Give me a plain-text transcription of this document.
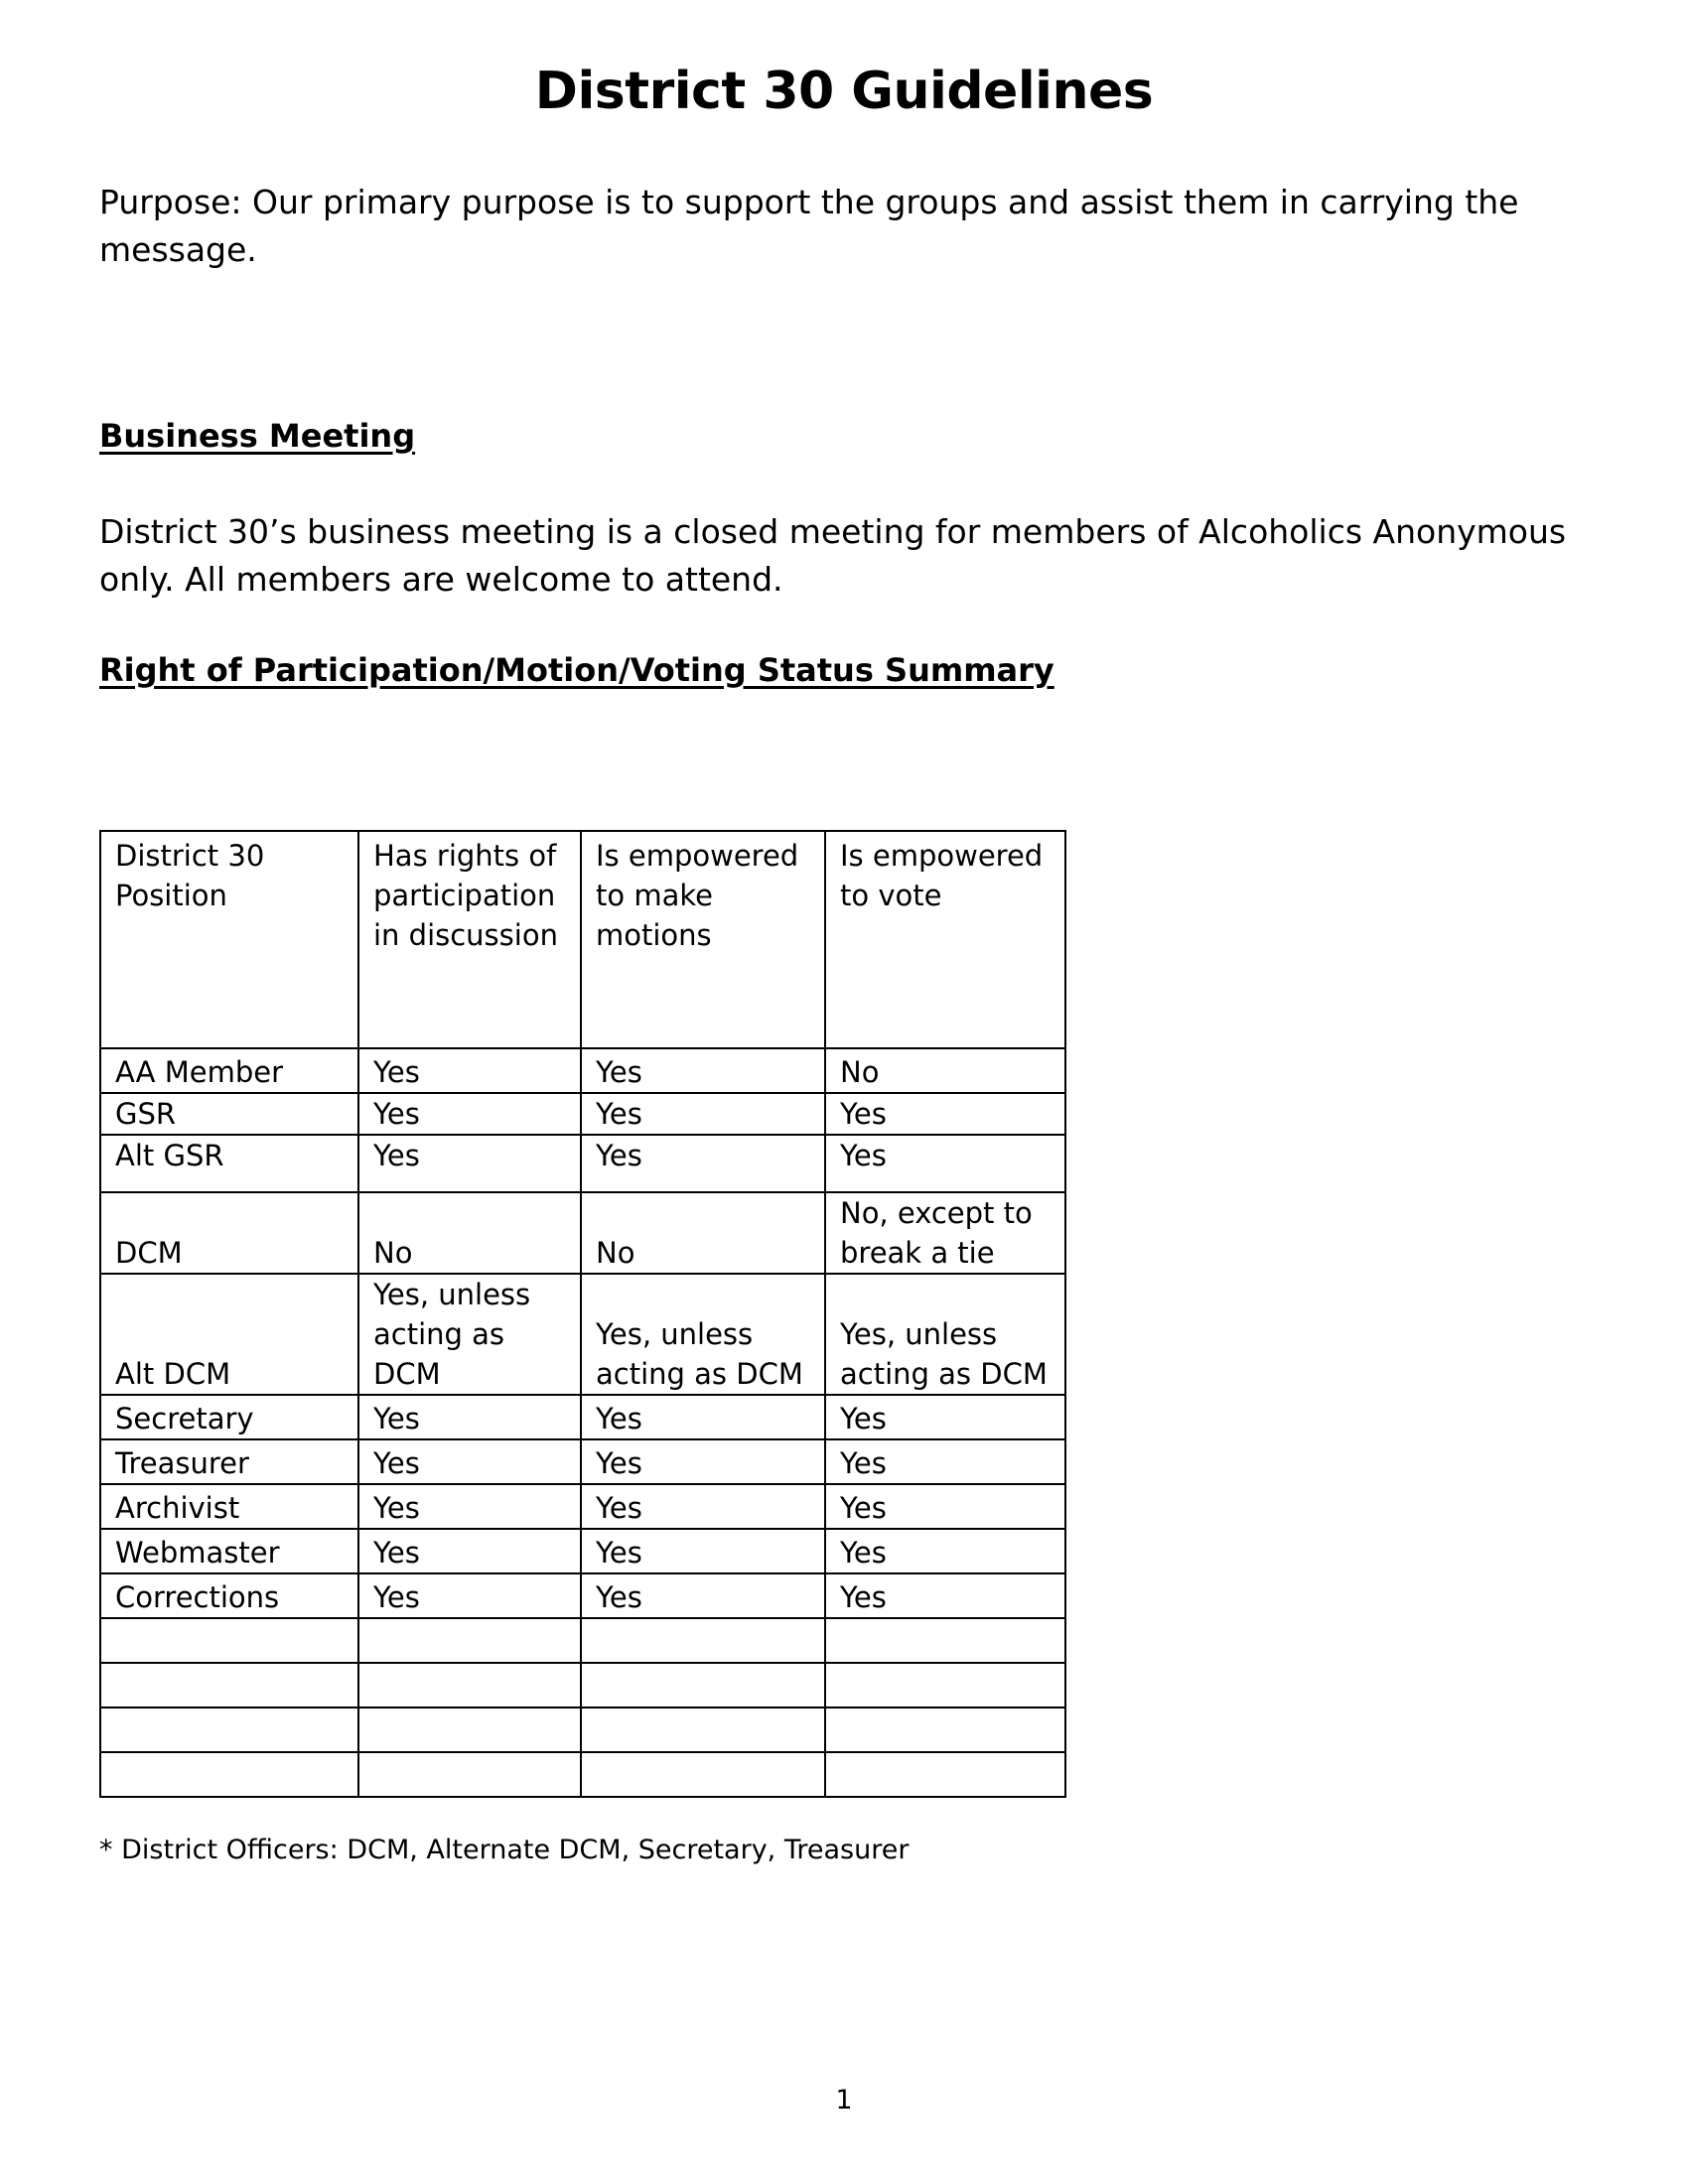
District 30 Guidelines
Purpose: Our primary purpose is to support the groups and assist them in carrying the message.
Business Meeting
District 30’s business meeting is a closed meeting for members of Alcoholics Anonymous only. All members are welcome to attend.
Right of Participation/Motion/Voting Status Summary
District 30 Position	Has rights of participation in discussion	Is empowered to make motions	Is empowered to vote
AA Member	Yes	Yes	No
GSR	Yes	Yes	Yes
Alt GSR	Yes	Yes	Yes
DCM	No	No	No, except to break a tie
Alt DCM	Yes, unless acting as DCM	Yes, unless acting as DCM	Yes, unless acting as DCM
Secretary	Yes	Yes	Yes
Treasurer	Yes	Yes	Yes
Archivist	Yes	Yes	Yes
Webmaster	Yes	Yes	Yes
Corrections	Yes	Yes	Yes

* District Officers: DCM, Alternate DCM, Secretary, Treasurer
1
